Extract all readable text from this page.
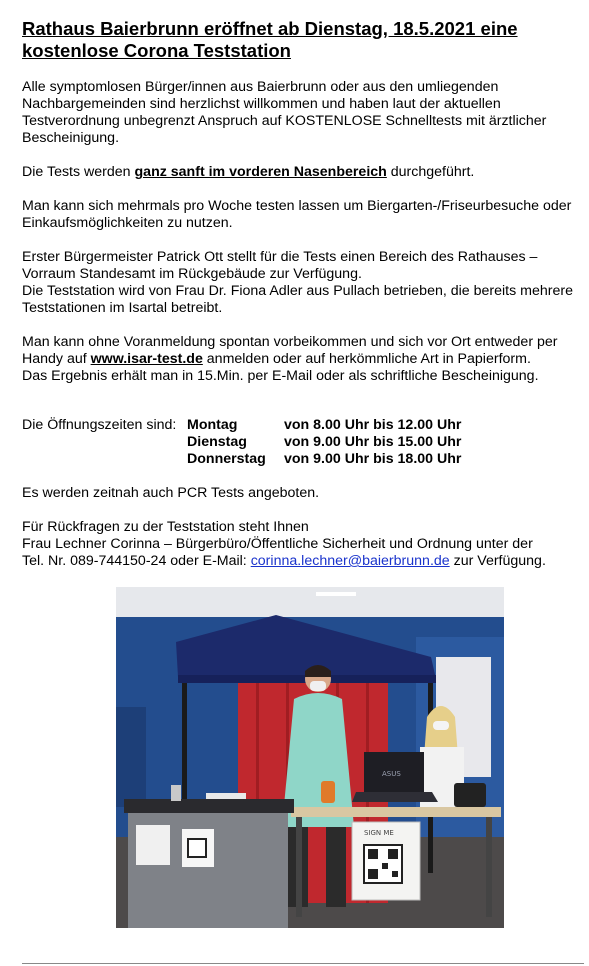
Rathaus Baierbrunn eröffnet ab Dienstag, 18.5.2021 eine
kostenlose Corona Teststation

Alle symptomlosen Bürger/innen aus Baierbrunn oder aus den umliegenden Nachbargemeinden sind herzlichst willkommen und haben laut der aktuellen Testverordnung unbegrenzt Anspruch auf KOSTENLOSE Schnelltests mit ärztlicher Bescheinigung.

Die Tests werden ganz sanft im vorderen Nasenbereich durchgeführt.

Man kann sich mehrmals pro Woche testen lassen um Biergarten-/Friseurbesuche oder Einkaufsmöglichkeiten zu nutzen.

Erster Bürgermeister Patrick Ott stellt für die Tests einen Bereich des Rathauses – Vorraum Standesamt im Rückgebäude zur Verfügung.
Die Teststation wird von Frau Dr. Fiona Adler aus Pullach betrieben, die bereits mehrere Teststationen im Isartal betreibt.

Man kann ohne Voranmeldung spontan vorbeikommen und sich vor Ort entweder per Handy auf www.isar-test.de anmelden oder auf herkömmliche Art in Papierform.
Das Ergebnis erhält man in 15.Min. per E-Mail oder als schriftliche Bescheinigung.

Die Öffnungszeiten sind: Montag	von 8.00 Uhr bis 12.00 Uhr
Dienstag	von 9.00 Uhr bis 15.00 Uhr
Donnerstag	von 9.00 Uhr bis 18.00 Uhr

Es werden zeitnah auch PCR Tests angeboten.

Für Rückfragen zu der Teststation steht Ihnen
Frau Lechner Corinna – Bürgerbüro/Öffentliche Sicherheit und Ordnung unter der
Tel. Nr. 089-744150-24 oder E-Mail: corinna.lechner@baierbrunn.de zur Verfügung.

ASUS
SIGN ME
